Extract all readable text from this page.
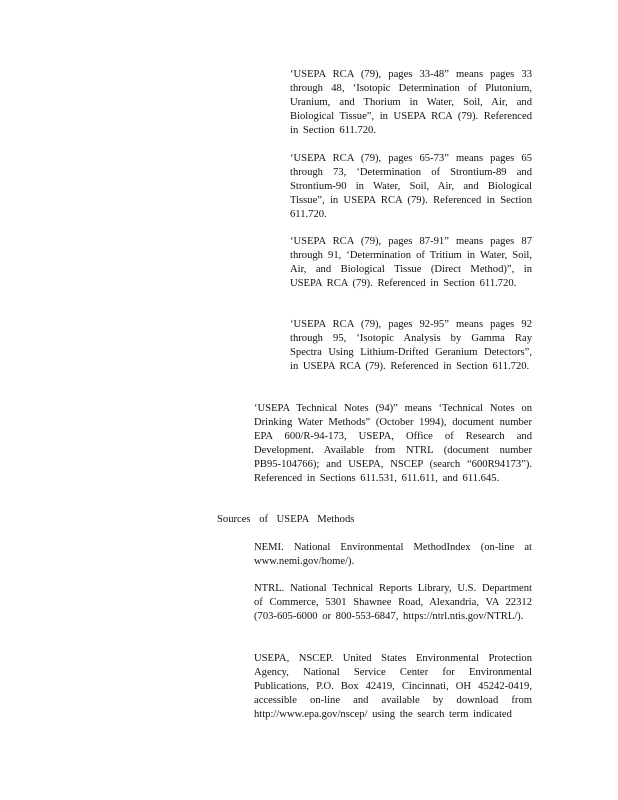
‘USEPA RCA (79), pages 33-48” means pages 33 through 48, ‘Isotopic Determination of Plutonium, Uranium, and Thorium in Water, Soil, Air, and Biological Tissue”, in USEPA RCA (79). Referenced in Section 611.720.

‘USEPA RCA (79), pages 65-73” means pages 65 through 73, ‘Determination of Strontium-89 and Strontium-90 in Water, Soil, Air, and Biological Tissue”, in USEPA RCA (79). Referenced in Section 611.720.

‘USEPA RCA (79), pages 87-91” means pages 87 through 91, ‘Determination of Tritium in Water, Soil, Air, and Biological Tissue (Direct Method)”, in USEPA RCA (79). Referenced in Section 611.720.

‘USEPA RCA (79), pages 92-95” means pages 92 through 95, ‘Isotopic Analysis by Gamma Ray Spectra Using Lithium-Drifted Geranium Detectors”, in USEPA RCA (79). Referenced in Section 611.720.

‘USEPA Technical Notes (94)” means ‘Technical Notes on Drinking Water Methods” (October 1994), document number EPA 600/R-94-173, USEPA, Office of Research and Development. Available from NTRL (document number PB95-104766); and USEPA, NSCEP (search “600R94173”). Referenced in Sections 611.531, 611.611, and 611.645.

Sources of USEPA Methods

NEMI. National Environmental MethodIndex (on-line at www.nemi.gov/home/).

NTRL. National Technical Reports Library, U.S. Department of Commerce, 5301 Shawnee Road, Alexandria, VA 22312 (703-605-6000 or 800-553-6847, https://ntrl.ntis.gov/NTRL/).

USEPA, NSCEP. United States Environmental Protection Agency, National Service Center for Environmental Publications, P.O. Box 42419, Cincinnati, OH 45242-0419, accessible on-line and available by download from http://www.epa.gov/nscep/ using the search term indicated
